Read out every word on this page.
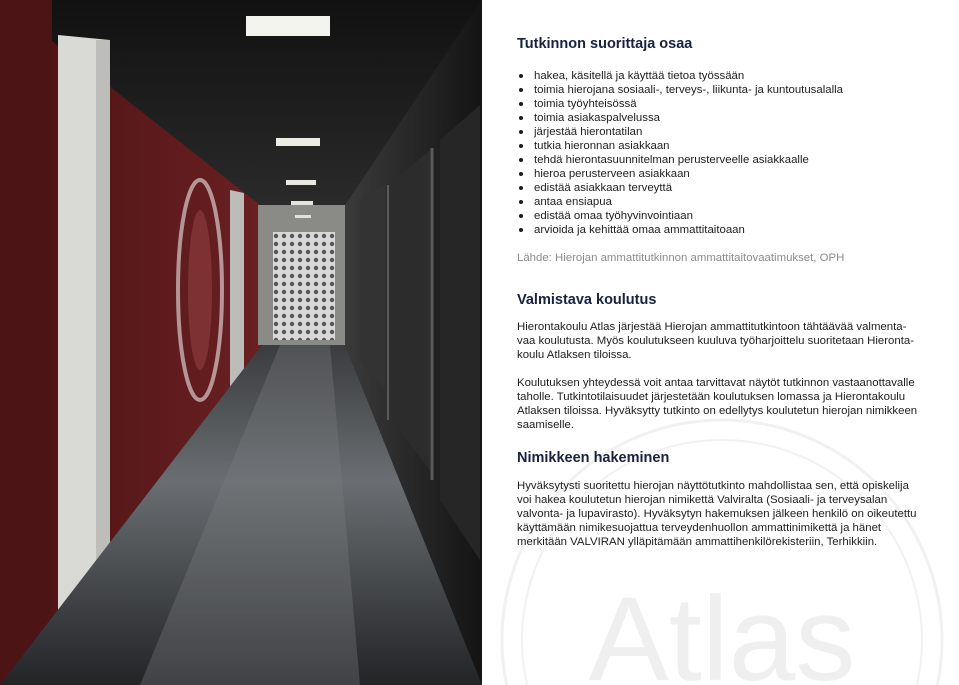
Atlas
Tutkinnon suorittaja osaa
hakea, käsitellä ja käyttää tietoa työssään
toimia hierojana sosiaali-, terveys-, liikunta- ja kuntoutusalalla
toimia työyhteisössä
toimia asiakaspalvelussa
järjestää hierontatilan
tutkia hieronnan asiakkaan
tehdä hierontasuunnitelman perusterveelle asiakkaalle
hieroa perusterveen asiakkaan
edistää asiakkaan terveyttä
antaa ensiapua
edistää omaa työhyvinvointiaan
arvioida ja kehittää omaa ammattitaitoaan

Lähde: Hierojan ammattitutkinnon ammattitaitovaatimukset, OPH

Valmistava koulutus

Hierontakoulu Atlas järjestää Hierojan ammattitutkintoon tähtäävää valmenta-
vaa koulutusta. Myös koulutukseen kuuluva työharjoittelu suoritetaan Hieronta-
koulu Atlaksen tiloissa.

Koulutuksen yhteydessä voit antaa tarvittavat näytöt tutkinnon vastaanottavalle
taholle. Tutkintotilaisuudet järjestetään koulutuksen lomassa ja Hierontakoulu
Atlaksen tiloissa. Hyväksytty tutkinto on edellytys koulutetun hierojan nimikkeen
saamiselle.

Nimikkeen hakeminen

Hyväksytysti suoritettu hierojan näyttötutkinto mahdollistaa sen, että opiskelija
voi hakea koulutetun hierojan nimikettä Valviralta (Sosiaali- ja terveysalan
valvonta- ja lupavirasto). Hyväksytyn hakemuksen jälkeen henkilö on oikeutettu
käyttämään nimikesuojattua terveydenhuollon ammattinimikettä ja hänet
merkitään VALVIRAN ylläpitämään ammattihenkilörekisteriin, Terhikkiin.
